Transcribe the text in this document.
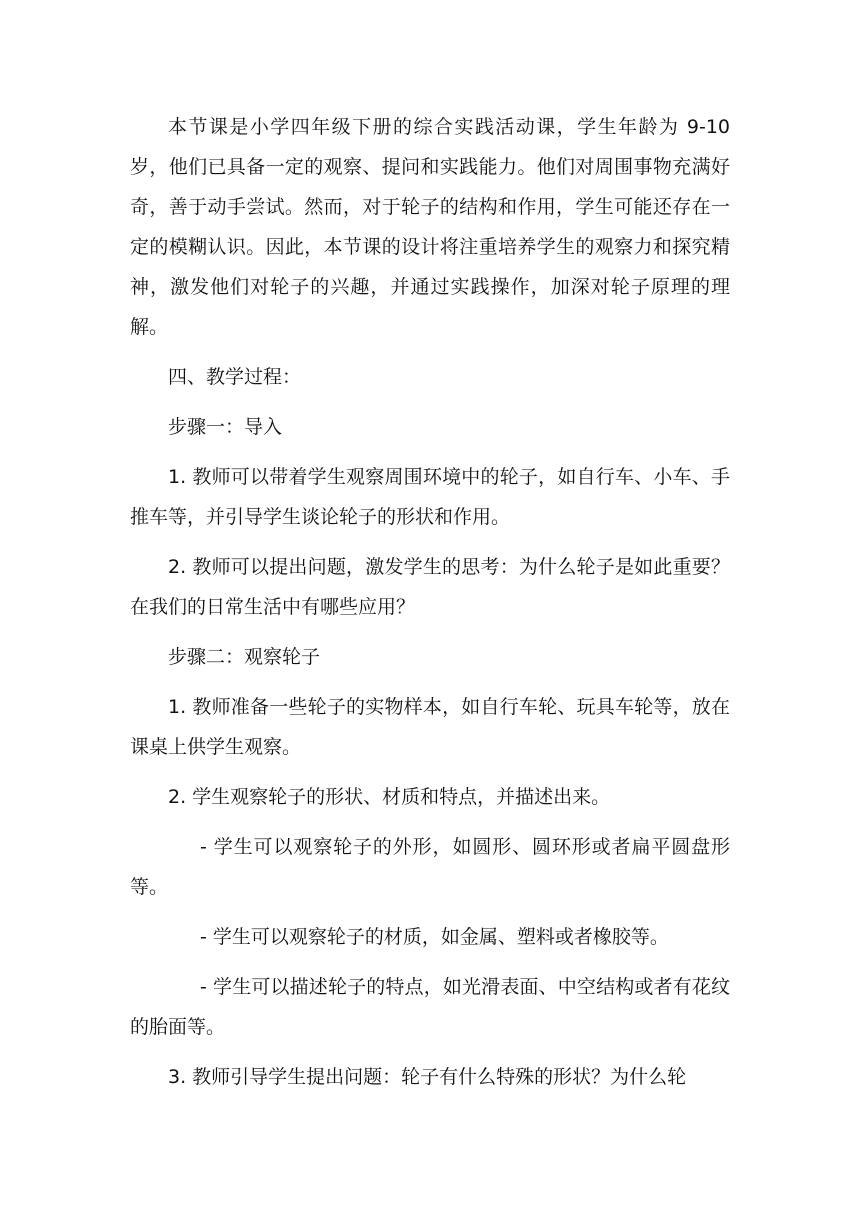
本节课是小学四年级下册的综合实践活动课，学生年龄为 9-10 岁，他们已具备一定的观察、提问和实践能力。他们对周围事物充满好奇，善于动手尝试。然而，对于轮子的结构和作用，学生可能还存在一定的模糊认识。因此，本节课的设计将注重培养学生的观察力和探究精神，激发他们对轮子的兴趣，并通过实践操作，加深对轮子原理的理解。

四、教学过程：

步骤一：导入

1. 教师可以带着学生观察周围环境中的轮子，如自行车、小车、手推车等，并引导学生谈论轮子的形状和作用。

2. 教师可以提出问题，激发学生的思考：为什么轮子是如此重要？在我们的日常生活中有哪些应用？

步骤二：观察轮子

1. 教师准备一些轮子的实物样本，如自行车轮、玩具车轮等，放在课桌上供学生观察。

2. 学生观察轮子的形状、材质和特点，并描述出来。

- 学生可以观察轮子的外形，如圆形、圆环形或者扁平圆盘形等。

- 学生可以观察轮子的材质，如金属、塑料或者橡胶等。

- 学生可以描述轮子的特点，如光滑表面、中空结构或者有花纹的胎面等。

3. 教师引导学生提出问题：轮子有什么特殊的形状？为什么轮
